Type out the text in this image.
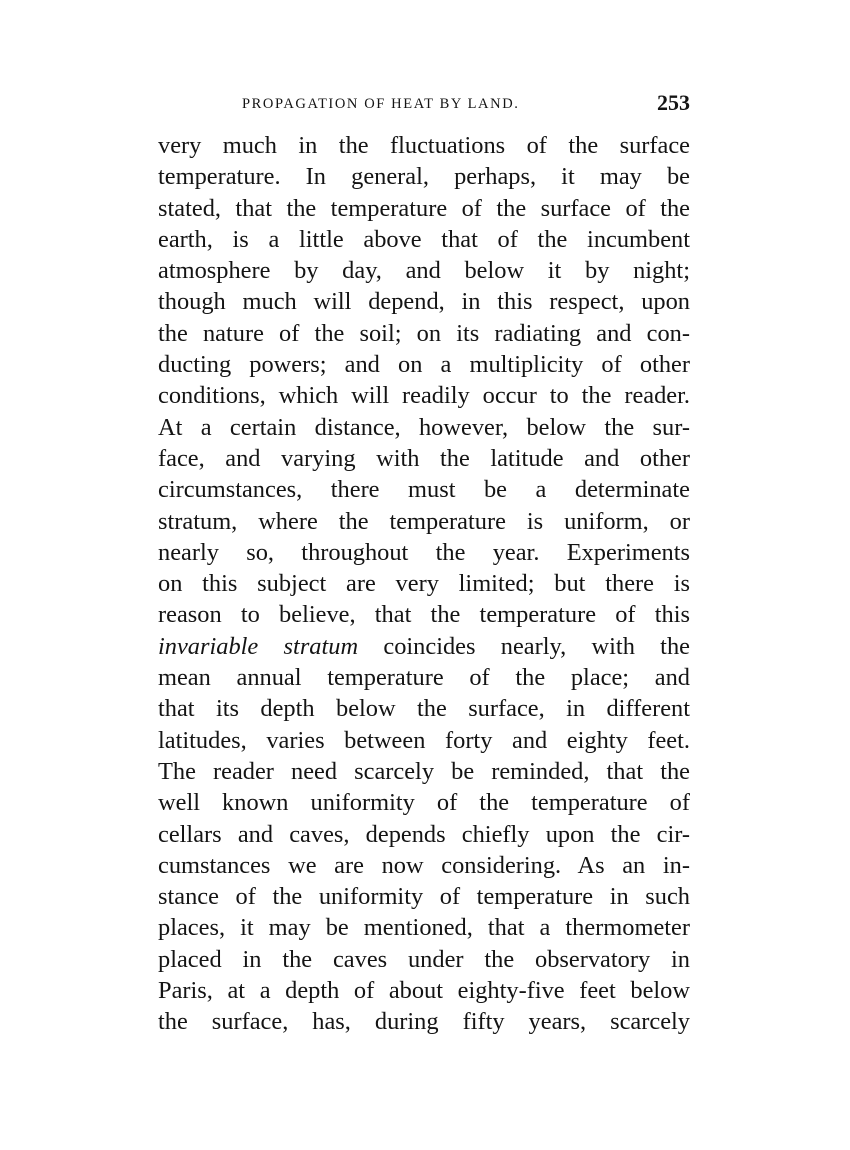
PROPAGATION OF HEAT BY LAND.	253
very much in the fluctuations of the surface
temperature. In general, perhaps, it may be
stated, that the temperature of the surface of the
earth, is a little above that of the incumbent
atmosphere by day, and below it by night;
though much will depend, in this respect, upon
the nature of the soil; on its radiating and con-
ducting powers; and on a multiplicity of other
conditions, which will readily occur to the reader.
At a certain distance, however, below the sur-
face, and varying with the latitude and other
circumstances, there must be a determinate
stratum, where the temperature is uniform, or
nearly so, throughout the year. Experiments
on this subject are very limited; but there is
reason to believe, that the temperature of this
invariable stratum coincides nearly, with the
mean annual temperature of the place; and
that its depth below the surface, in different
latitudes, varies between forty and eighty feet.
The reader need scarcely be reminded, that the
well known uniformity of the temperature of
cellars and caves, depends chiefly upon the cir-
cumstances we are now considering. As an in-
stance of the uniformity of temperature in such
places, it may be mentioned, that a thermometer
placed in the caves under the observatory in
Paris, at a depth of about eighty-five feet below
the surface, has, during fifty years, scarcely
